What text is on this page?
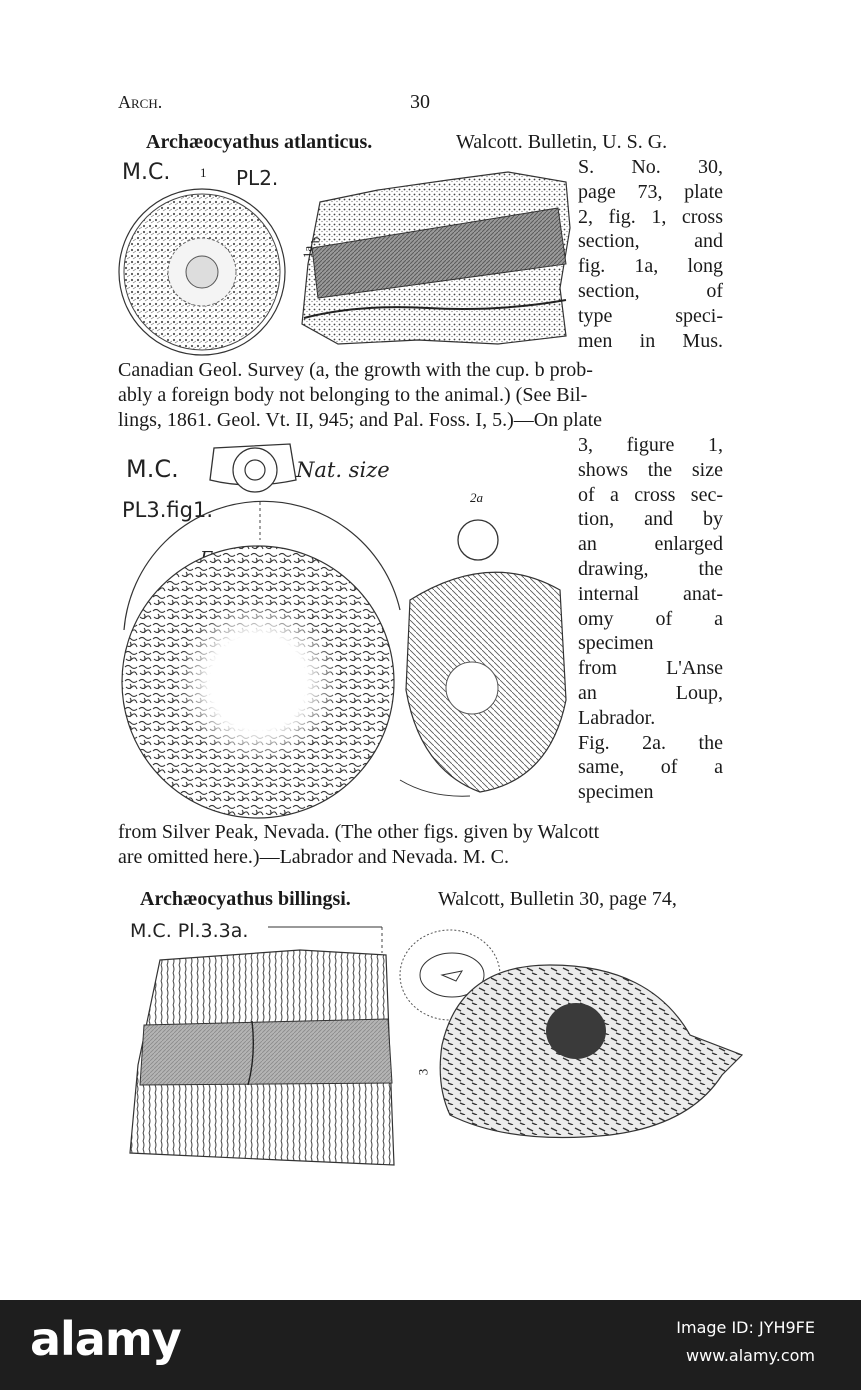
Arch.	30
Archæocyathus atlanticus.	Walcott. Bulletin, U. S. G.
S. No. 30,
page 73, plate
2, fig. 1, cross
section, and
fig. 1a, long
section, of
type speci-
men in Mus.
M.C. 1 PL2.
1a
b
Canadian Geol. Survey (a, the growth with the cup. b prob-
ably a foreign body not belonging to the animal.) (See Bil-
lings, 1861. Geol. Vt. II, 945; and Pal. Foss. I, 5.)—On plate
3, figure 1,
shows the size
of a cross sec-
tion, and by
an enlarged
drawing, the
internal anat-
omy of a
specimen
from L'Anse
an Loup,
Labrador.
Fig. 2a. the
same, of a
specimen
M.C.
PL3.fig1.
Nat. size
2a
from Silver Peak, Nevada. (The other figs. given by Walcott
are omitted here.)—Labrador and Nevada. M. C.
Archæocyathus billingsi.	Walcott, Bulletin 30, page 74,
M.C. Pl.3.3a.
3
alamy	Image ID: JYH9FE
www.alamy.com
